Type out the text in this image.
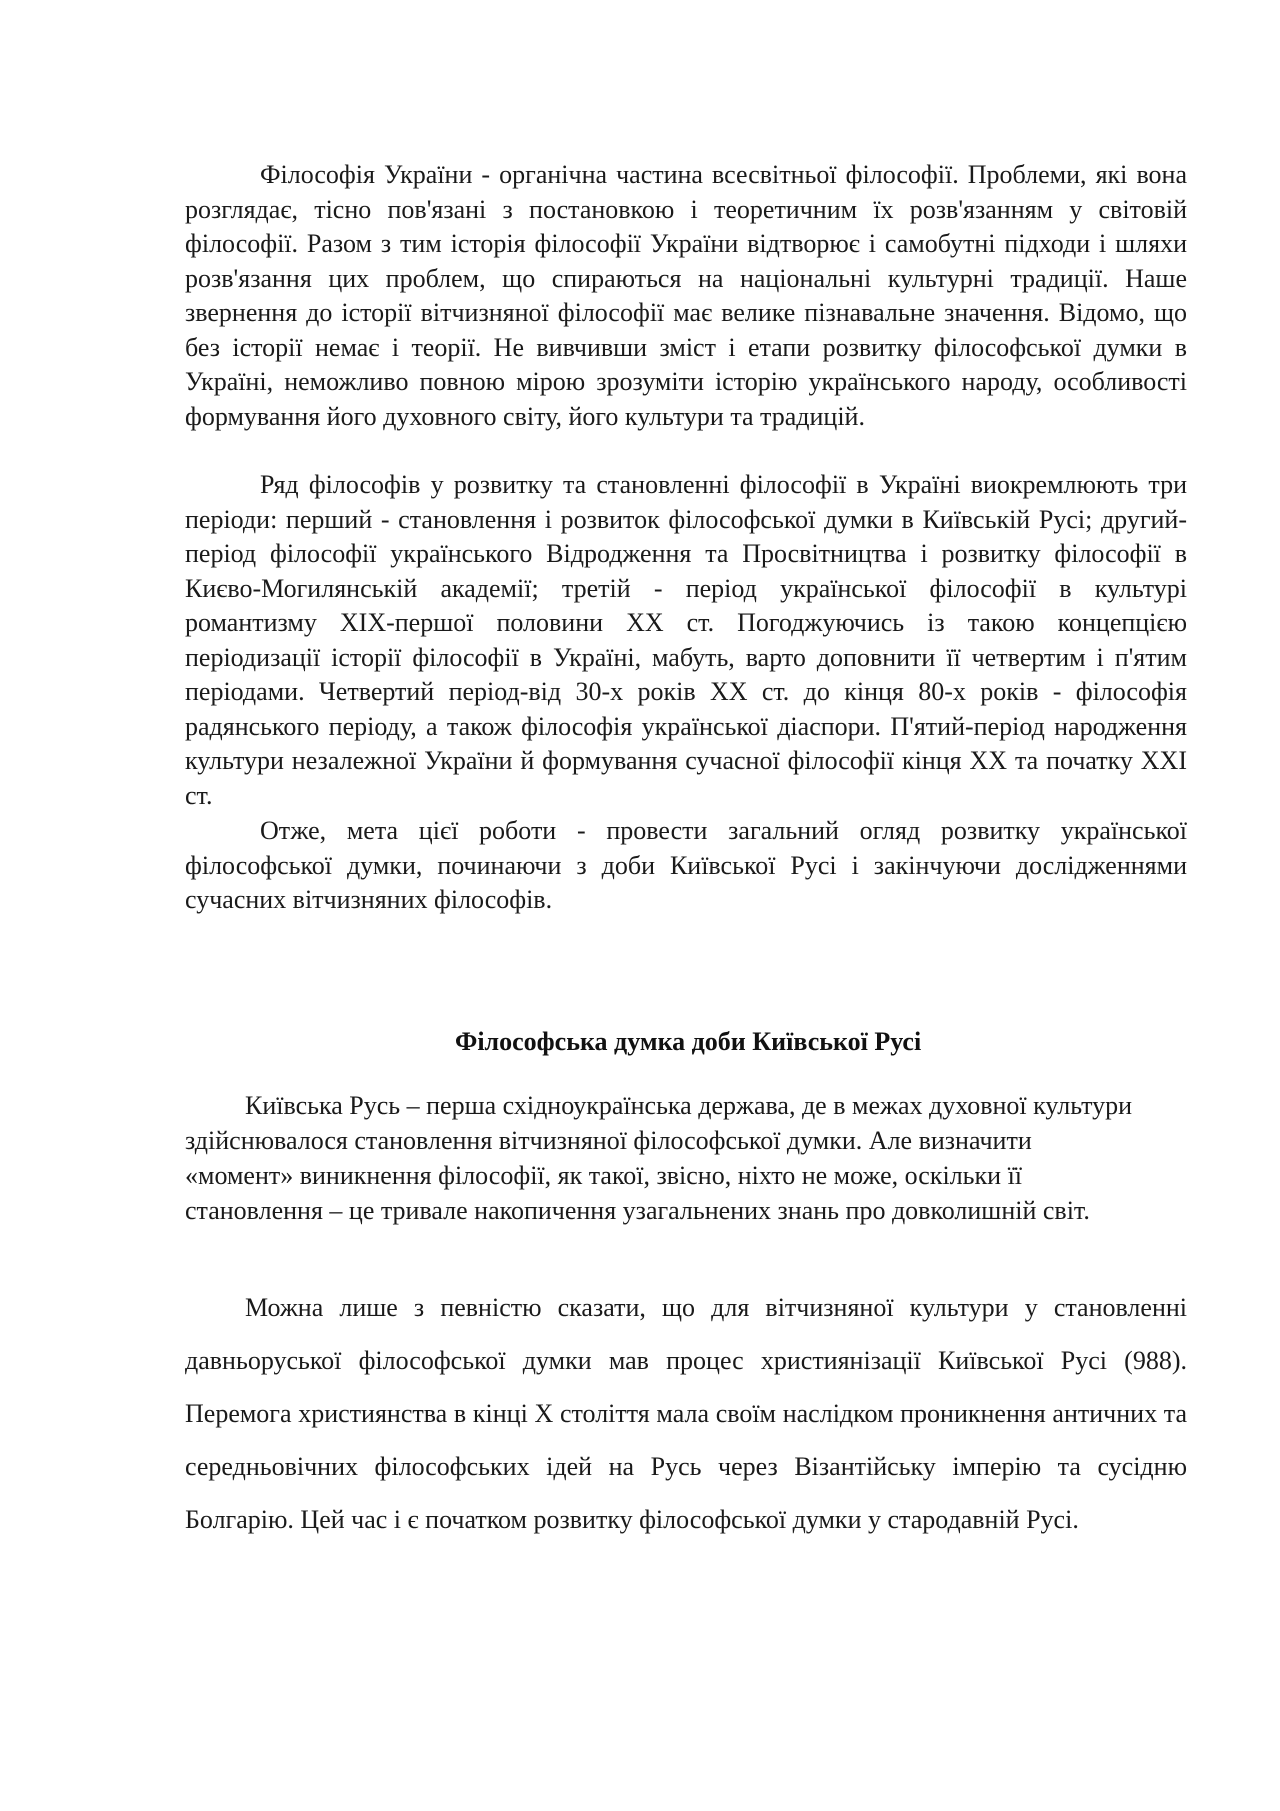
Філософія України - органічна частина всесвітньої філософії. Проблеми, які вона розглядає, тісно пов'язані з постановкою і теоретичним їх розв'язанням у світовій філософії. Разом з тим історія філософії України відтворює і самобутні підходи і шляхи розв'язання цих проблем, що спираються на національні культурні традиції. Наше звернення до історії вітчизняної філософії має велике пізнавальне значення. Відомо, що без історії немає і теорії. Не вивчивши зміст і етапи розвитку філософської думки в Україні, неможливо повною мірою зрозуміти історію українського народу, особливості формування його духовного світу, його культури та традицій.

Ряд філософів у розвитку та становленні філософії в Україні виокремлюють три періоди: перший - становлення і розвиток філософської думки в Київській Русі; другий-період філософії українського Відродження та Просвітництва і розвитку філософії в Києво-Могилянській академії; третій - період української філософії в культурі романтизму XIX-першої половини XX ст. Погоджуючись із такою концепцією періодизації історії філософії в Україні, мабуть, варто доповнити її четвертим і п'ятим періодами. Четвертий період-від 30-х років XX ст. до кінця 80-х років - філософія радянського періоду, а також філософія української діаспори. П'ятий-період народження культури незалежної України й формування сучасної філософії кінця XX та початку XXI ст.

Отже, мета цієї роботи - провести загальний огляд розвитку української філософської думки, починаючи з доби Київської Русі і закінчуючи дослідженнями сучасних вітчизняних філософів.

Філософська думка доби Київської Русі

Київська Русь – перша східноукраїнська держава, де в межах духовної культури здійснювалося становлення вітчизняної філософської думки. Але визначити «момент» виникнення філософії, як такої, звісно, ніхто не може, оскільки її становлення – це тривале накопичення узагальнених знань про довколишній світ.

Можна лише з певністю сказати, що для вітчизняної культури у становленні давньоруської філософської думки мав процес християнізації Київської Русі (988). Перемога християнства в кінці X століття мала своїм наслідком проникнення античних та середньовічних філософських ідей на Русь через Візантійську імперію та сусідню Болгарію. Цей час і є початком розвитку філософської думки у стародавній Русі.
